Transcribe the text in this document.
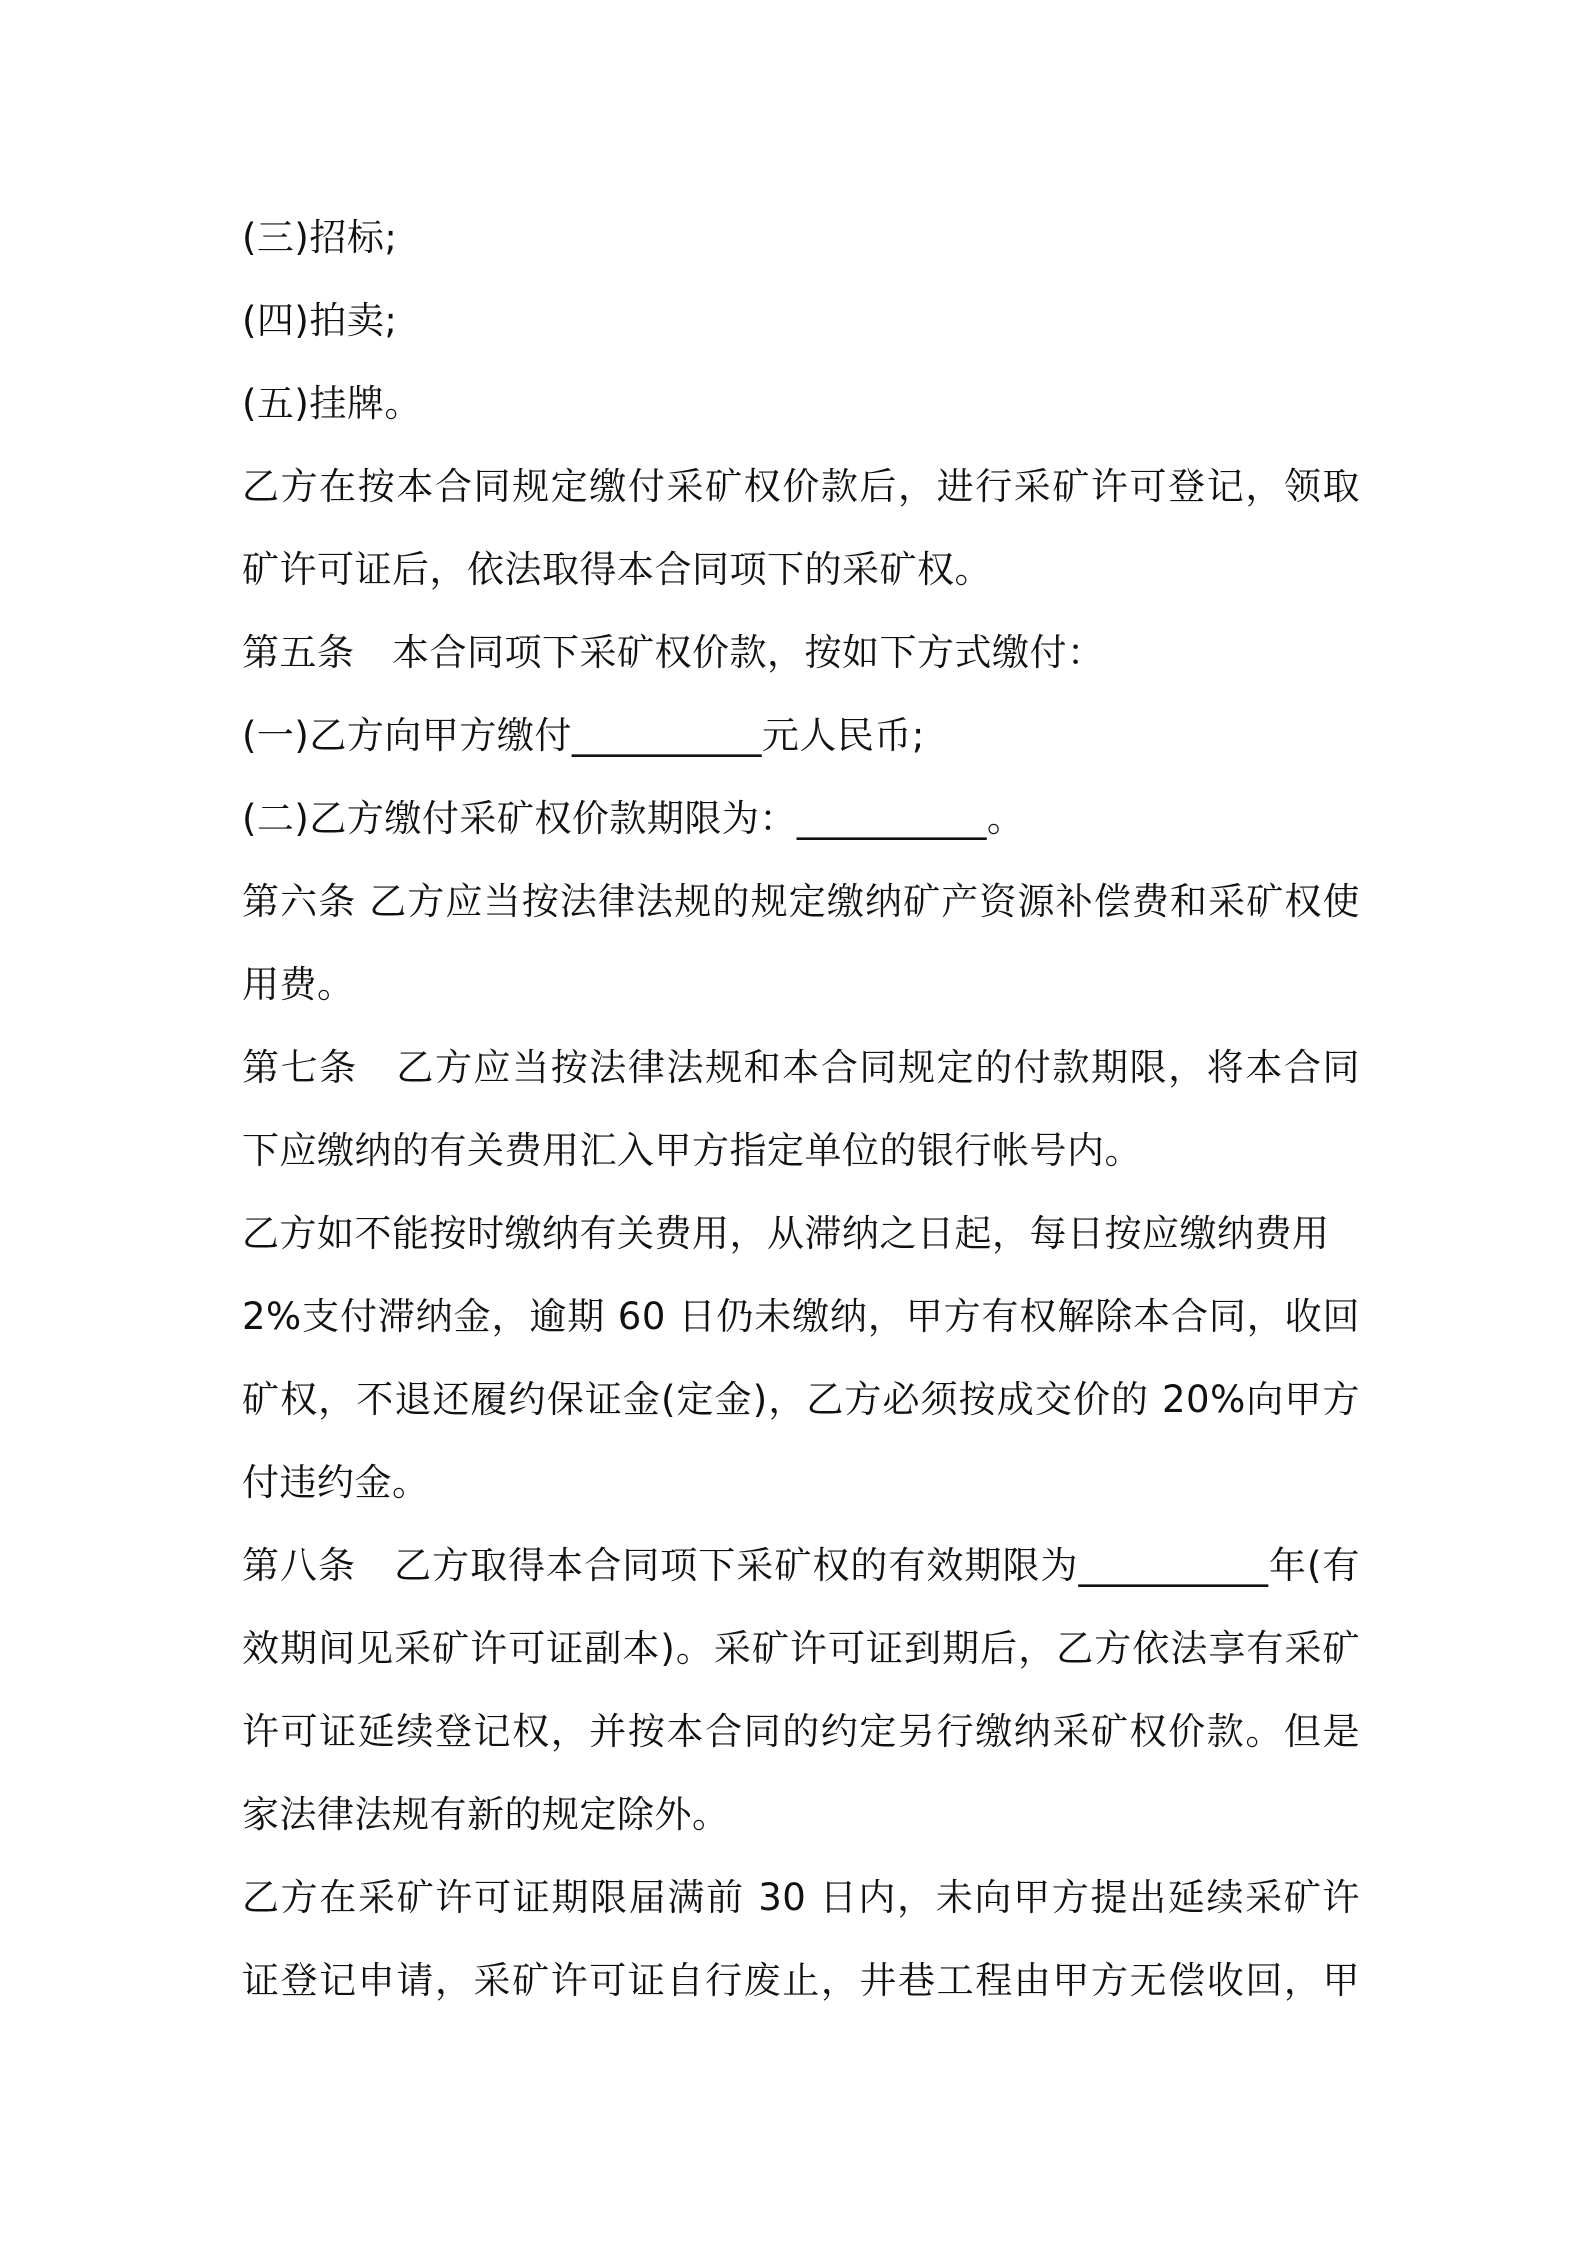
(三)招标;
(四)拍卖;
(五)挂牌。
乙方在按本合同规定缴付采矿权价款后，进行采矿许可登记，领取
矿许可证后，依法取得本合同项下的采矿权。
第五条　本合同项下采矿权价款，按如下方式缴付：
(一)乙方向甲方缴付__________元人民币;
(二)乙方缴付采矿权价款期限为：__________。
第六条 乙方应当按法律法规的规定缴纳矿产资源补偿费和采矿权使
用费。
第七条　乙方应当按法律法规和本合同规定的付款期限，将本合同
下应缴纳的有关费用汇入甲方指定单位的银行帐号内。
乙方如不能按时缴纳有关费用，从滞纳之日起，每日按应缴纳费用
2%支付滞纳金，逾期 60 日仍未缴纳，甲方有权解除本合同，收回
矿权，不退还履约保证金(定金)，乙方必须按成交价的 20%向甲方
付违约金。
第八条　乙方取得本合同项下采矿权的有效期限为__________年(有
效期间见采矿许可证副本)。采矿许可证到期后，乙方依法享有采矿
许可证延续登记权，并按本合同的约定另行缴纳采矿权价款。但是
家法律法规有新的规定除外。
乙方在采矿许可证期限届满前 30 日内，未向甲方提出延续采矿许
证登记申请，采矿许可证自行废止，井巷工程由甲方无偿收回，甲
